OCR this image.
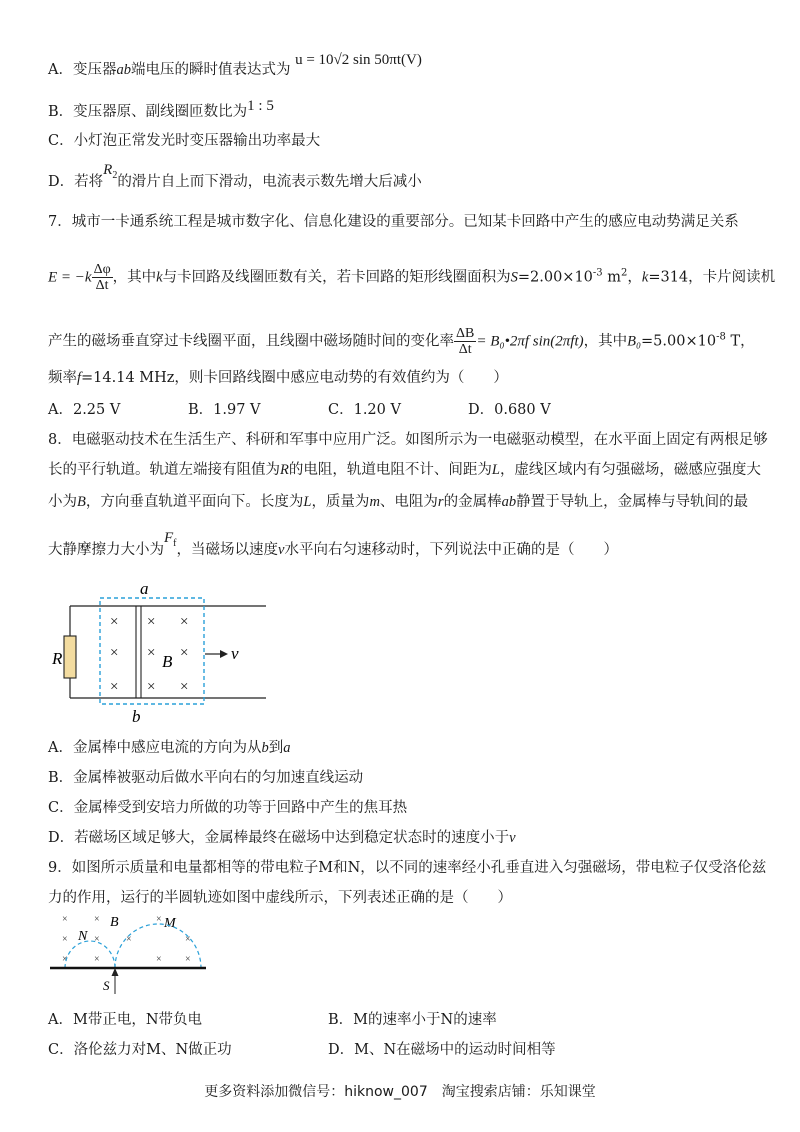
A．变压器ab端电压的瞬时值表达式为 u = 10√2 sin 50πt(V)
B．变压器原、副线圈匝数比为1 : 5
C．小灯泡正常发光时变压器输出功率最大
D．若将$R_2$的滑片自上而下滑动，电流表示数先增大后减小
7．城市一卡通系统工程是城市数字化、信息化建设的重要部分。已知某卡回路中产生的感应电动势满足关系
$E = -k \frac{\Delta\varphi}{\Delta t}$ ，其中k与卡回路及线圈匝数有关，若卡回路的矩形线圈面积为$S=2.00\times 10^{-3}$ $m^2$，k=314，卡片阅读机
产生的磁场垂直穿过卡线圈平面，且线圈中磁场随时间的变化率 $\frac{\Delta B}{\Delta t}$ = B₀•2πf sin(2πft)，其中$B_0=5.00\times 10^{-8}$ T，
频率f=14.14 MHz，则卡回路线圈中感应电动势的有效值约为（　　）
A．2.25 V	B．1.97 V	C．1.20 V	D．0.680 V
8．电磁驱动技术在生活生产、科研和军事中应用广泛。如图所示为一电磁驱动模型，在水平面上固定有两根足够
长的平行轨道。轨道左端接有阻值为R的电阻，轨道电阻不计、间距为L，虚线区域内有匀强磁场，磁感应强度大
小为B，方向垂直轨道平面向下。长度为L，质量为m、电阻为r的金属棒ab静置于导轨上，金属棒与导轨间的最
大静摩擦力大小为$F_f$，当磁场以速度v水平向右匀速移动时，下列说法中正确的是（　　）
R
a
b
×
×
×
×
×
×
×
×
×
B	v
A．金属棒中感应电流的方向为从b到a
B．金属棒被驱动后做水平向右的匀加速直线运动
C．金属棒受到安培力所做的功等于回路中产生的焦耳热
D．若磁场区域足够大，金属棒最终在磁场中达到稳定状态时的速度小于v
9．如图所示质量和电量都相等的带电粒子M和N，以不同的速率经小孔垂直进入匀强磁场，带电粒子仅受洛伦兹
力的作用，运行的半圆轨迹如图中虚线所示，下列表述正确的是（　　）
×	×	×
×	×	×	×
×	×	× ×
B	M
N
S
A．M带正电，N带负电	B．M的速率小于N的速率
C．洛伦兹力对M、N做正功	D．M、N在磁场中的运动时间相等
更多资料添加微信号：hiknow_007　淘宝搜索店铺：乐知课堂
